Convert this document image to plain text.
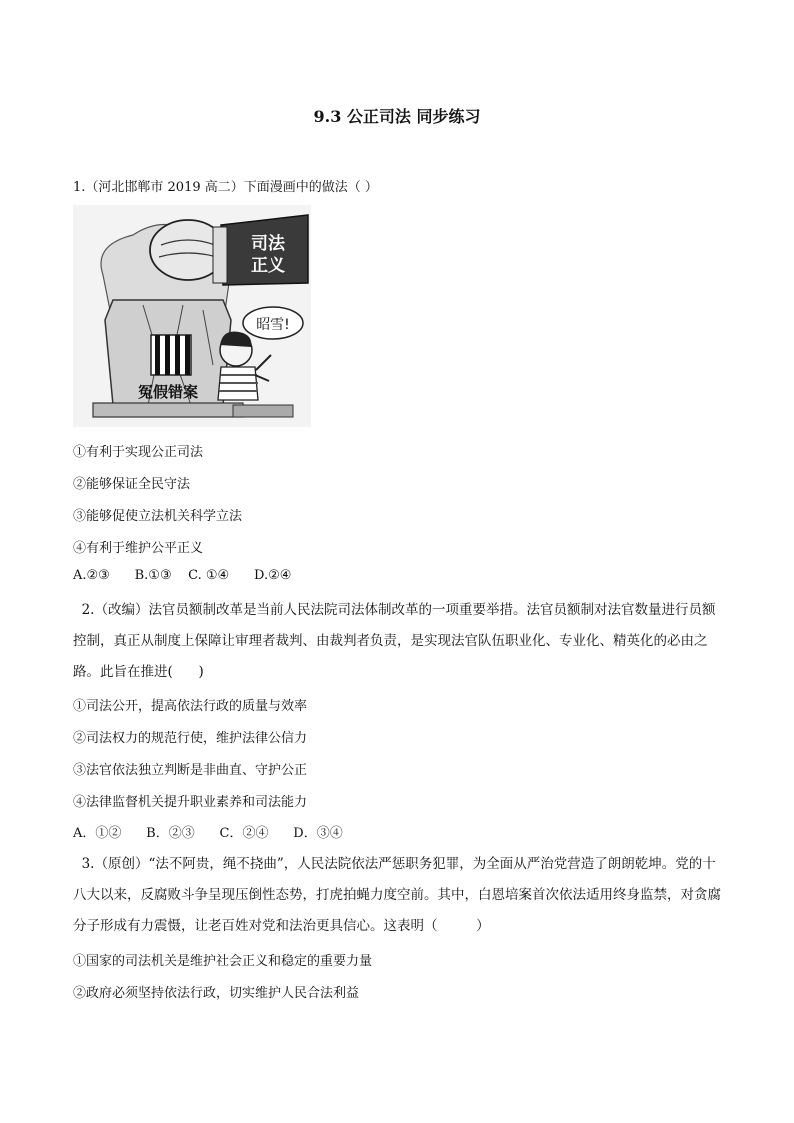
9.3 公正司法 同步练习
1.（河北邯郸市 2019 高二）下面漫画中的做法（ ）
司法
正义
昭雪!
冤假错案
①有利于实现公正司法
②能够保证全民守法
③能够促使立法机关科学立法
④有利于维护公平正义
A.②③      B.①③    C. ①④      D.②④
2.（改编）法官员额制改革是当前人民法院司法体制改革的一项重要举措。法官员额制对法官数量进行员额控制，真正从制度上保障让审理者裁判、由裁判者负责，是实现法官队伍职业化、专业化、精英化的必由之路。此旨在推进(      )
①司法公开，提高依法行政的质量与效率
②司法权力的规范行使，维护法律公信力
③法官依法独立判断是非曲直、守护公正
④法律监督机关提升职业素养和司法能力
A．①②      B．②③      C．②④      D．③④
3.（原创）“法不阿贵，绳不挠曲”，人民法院依法严惩职务犯罪，为全面从严治党营造了朗朗乾坤。党的十八大以来，反腐败斗争呈现压倒性态势，打虎拍蝇力度空前。其中，白恩培案首次依法适用终身监禁，对贪腐分子形成有力震慑，让老百姓对党和法治更具信心。这表明（         ）
①国家的司法机关是维护社会正义和稳定的重要力量
②政府必须坚持依法行政，切实维护人民合法利益
